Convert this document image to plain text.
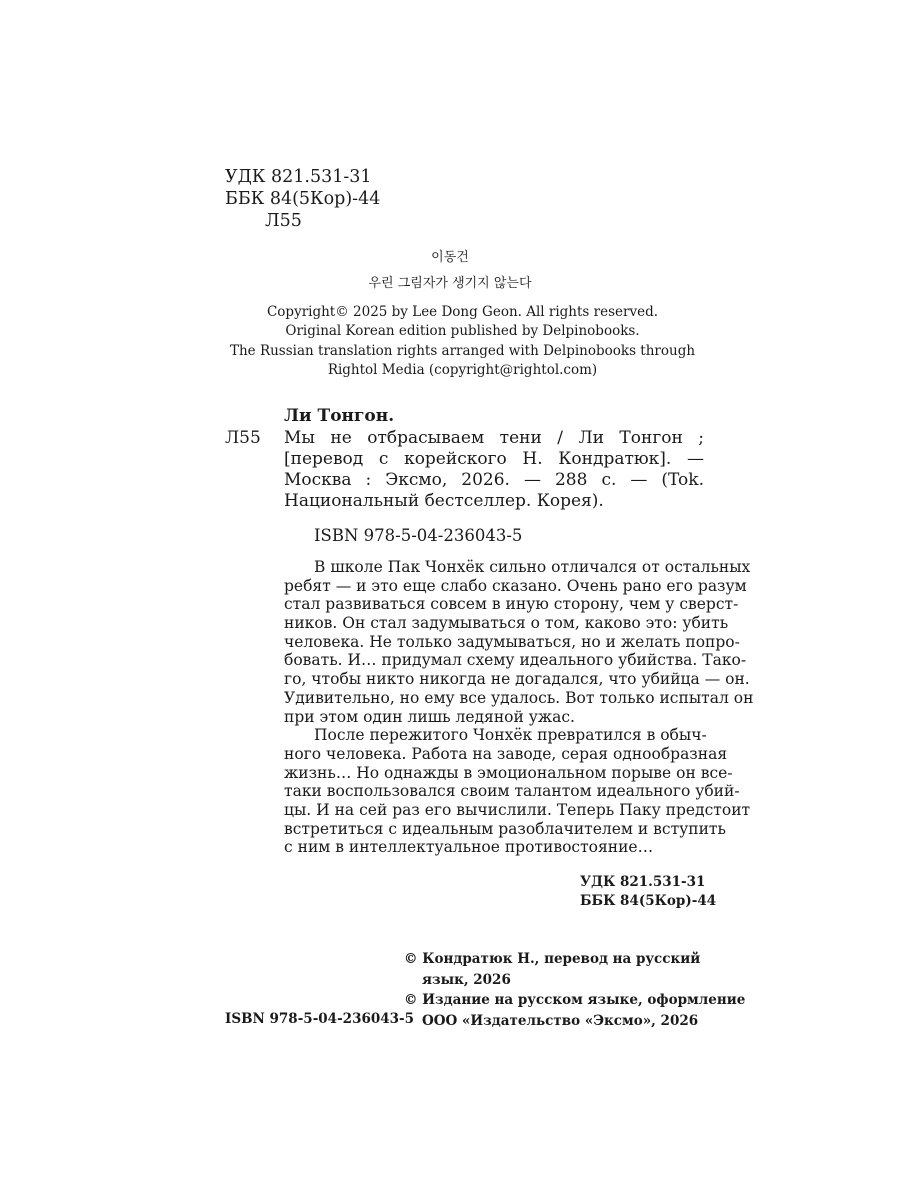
УДК 821.531-31
ББК 84(5Кор)-44
Л55
이동건
우린 그림자가 생기지 않는다
Copyright© 2025 by Lee Dong Geon. All rights reserved.
Original Korean edition published by Delpinobooks.
The Russian translation rights arranged with Delpinobooks through
Rightol Media (copyright@rightol.com)
Ли Тонгон.
Л55 Мы не отбрасываем тени / Ли Тонгон ; [перевод с корейского Н. Кондратюк]. — Москва : Эксмо, 2026. — 288 с. — (Tok. Национальный бестселлер. Корея).
ISBN 978-5-04-236043-5
В школе Пак Чонхёк сильно отличался от остальных
ребят — и это еще слабо сказано. Очень рано его разум
стал развиваться совсем в иную сторону, чем у сверст-
ников. Он стал задумываться о том, каково это: убить
человека. Не только задумываться, но и желать попро-
бовать. И… придумал схему идеального убийства. Тако-
го, чтобы никто никогда не догадался, что убийца — он.
Удивительно, но ему все удалось. Вот только испытал он
при этом один лишь ледяной ужас.
После пережитого Чонхёк превратился в обыч-
ного человека. Работа на заводе, серая однообразная
жизнь… Но однажды в эмоциональном порыве он все-
таки воспользовался своим талантом идеального убий-
цы. И на сей раз его вычислили. Теперь Паку предстоит
встретиться с идеальным разоблачителем и вступить
с ним в интеллектуальное противостояние…
УДК 821.531-31
ББК 84(5Кор)-44
ISBN 978-5-04-236043-5
© Кондратюк Н., перевод на русский
язык, 2026
© Издание на русском языке, оформление
ООО «Издательство «Эксмо», 2026
